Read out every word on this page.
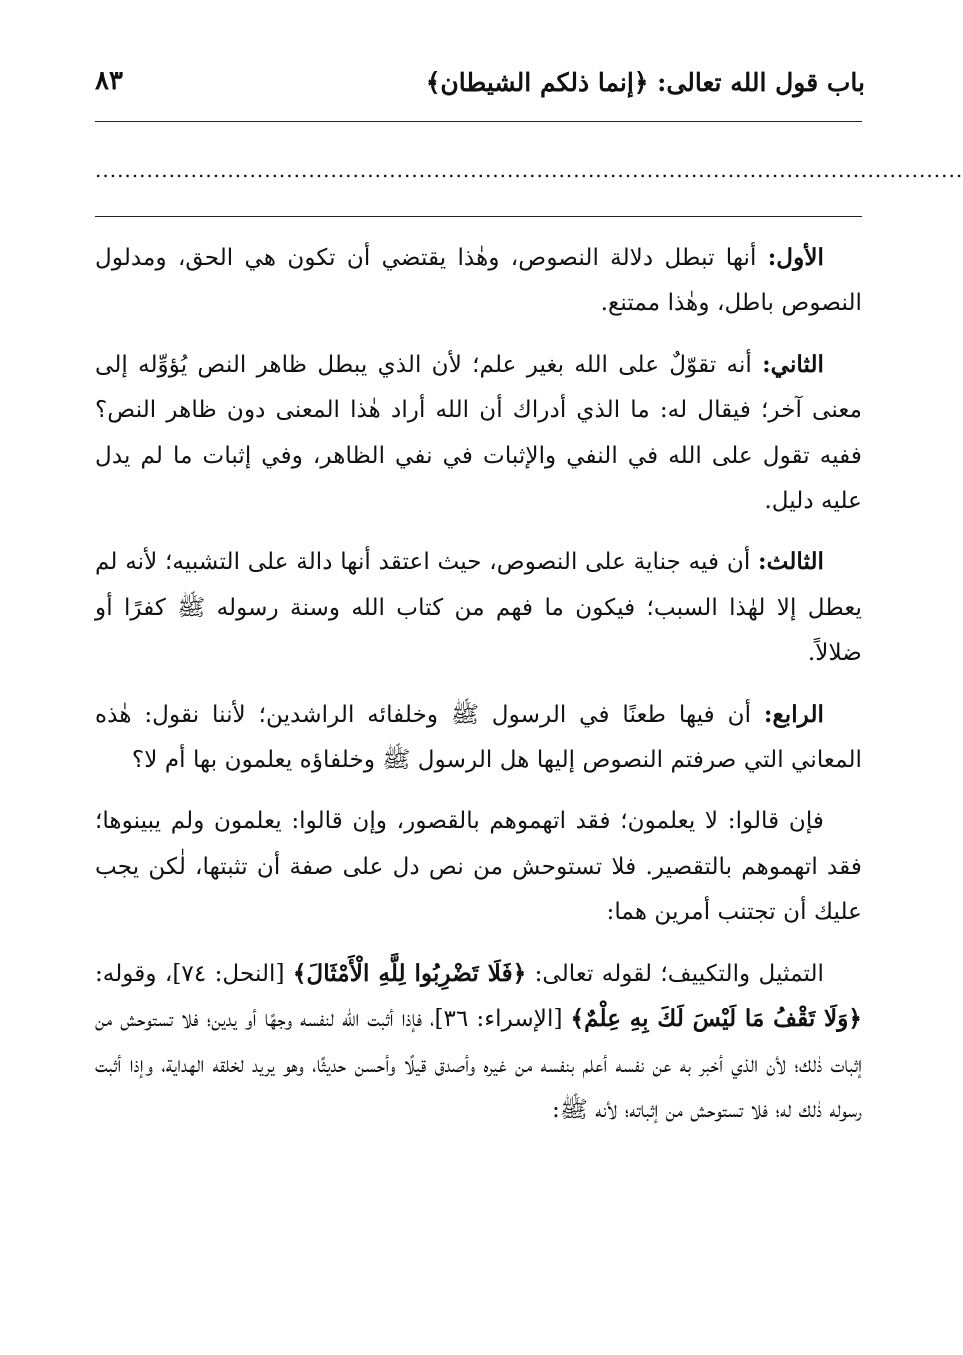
باب قول الله تعالى: ﴿إنما ذلكم الشيطان﴾
٨٣
......................................................................................................................

الأول: أنها تبطل دلالة النصوص، وهٰذا يقتضي أن تكون هي الحق، ومدلول النصوص باطل، وهٰذا ممتنع.

الثاني: أنه تقوّلٌ على الله بغير علم؛ لأن الذي يبطل ظاهر النص يُؤوِّله إلى معنى آخر؛ فيقال له: ما الذي أدراك أن الله أراد هٰذا المعنى دون ظاهر النص؟ ففيه تقول على الله في النفي والإثبات في نفي الظاهر، وفي إثبات ما لم يدل عليه دليل.

الثالث: أن فيه جناية على النصوص، حيث اعتقد أنها دالة على التشبيه؛ لأنه لم يعطل إلا لهٰذا السبب؛ فيكون ما فهم من كتاب الله وسنة رسوله ﷺ كفرًا أو ضلالاً.

الرابع: أن فيها طعنًا في الرسول ﷺ وخلفائه الراشدين؛ لأننا نقول: هٰذه المعاني التي صرفتم النصوص إليها هل الرسول ﷺ وخلفاؤه يعلمون بها أم لا؟

فإن قالوا: لا يعلمون؛ فقد اتهموهم بالقصور، وإن قالوا: يعلمون ولم يبينوها؛ فقد اتهموهم بالتقصير. فلا تستوحش من نص دل على صفة أن تثبتها، لٰكن يجب عليك أن تجتنب أمرين هما:

التمثيل والتكييف؛ لقوله تعالى: ﴿فَلَا تَضْرِبُوا لِلَّهِ الْأَمْثَالَ﴾ [النحل: ٧٤]، وقوله: ﴿وَلَا تَقْفُ مَا لَيْسَ لَكَ بِهِ عِلْمٌ﴾ [الإسراء: ٣٦]، فإذا أثبت الله لنفسه وجهًا أو يدين؛ فلا تستوحش من إثبات ذٰلك؛ لأن الذي أخبر به عن نفسه أعلم بنفسه من غيره وأصدق قيلًا وأحسن حديثًا، وهو يريد لخلقه الهداية، وإذا أثبت رسوله ذٰلك له؛ فلا تستوحش من إثباته؛ لأنه ﷺ:
